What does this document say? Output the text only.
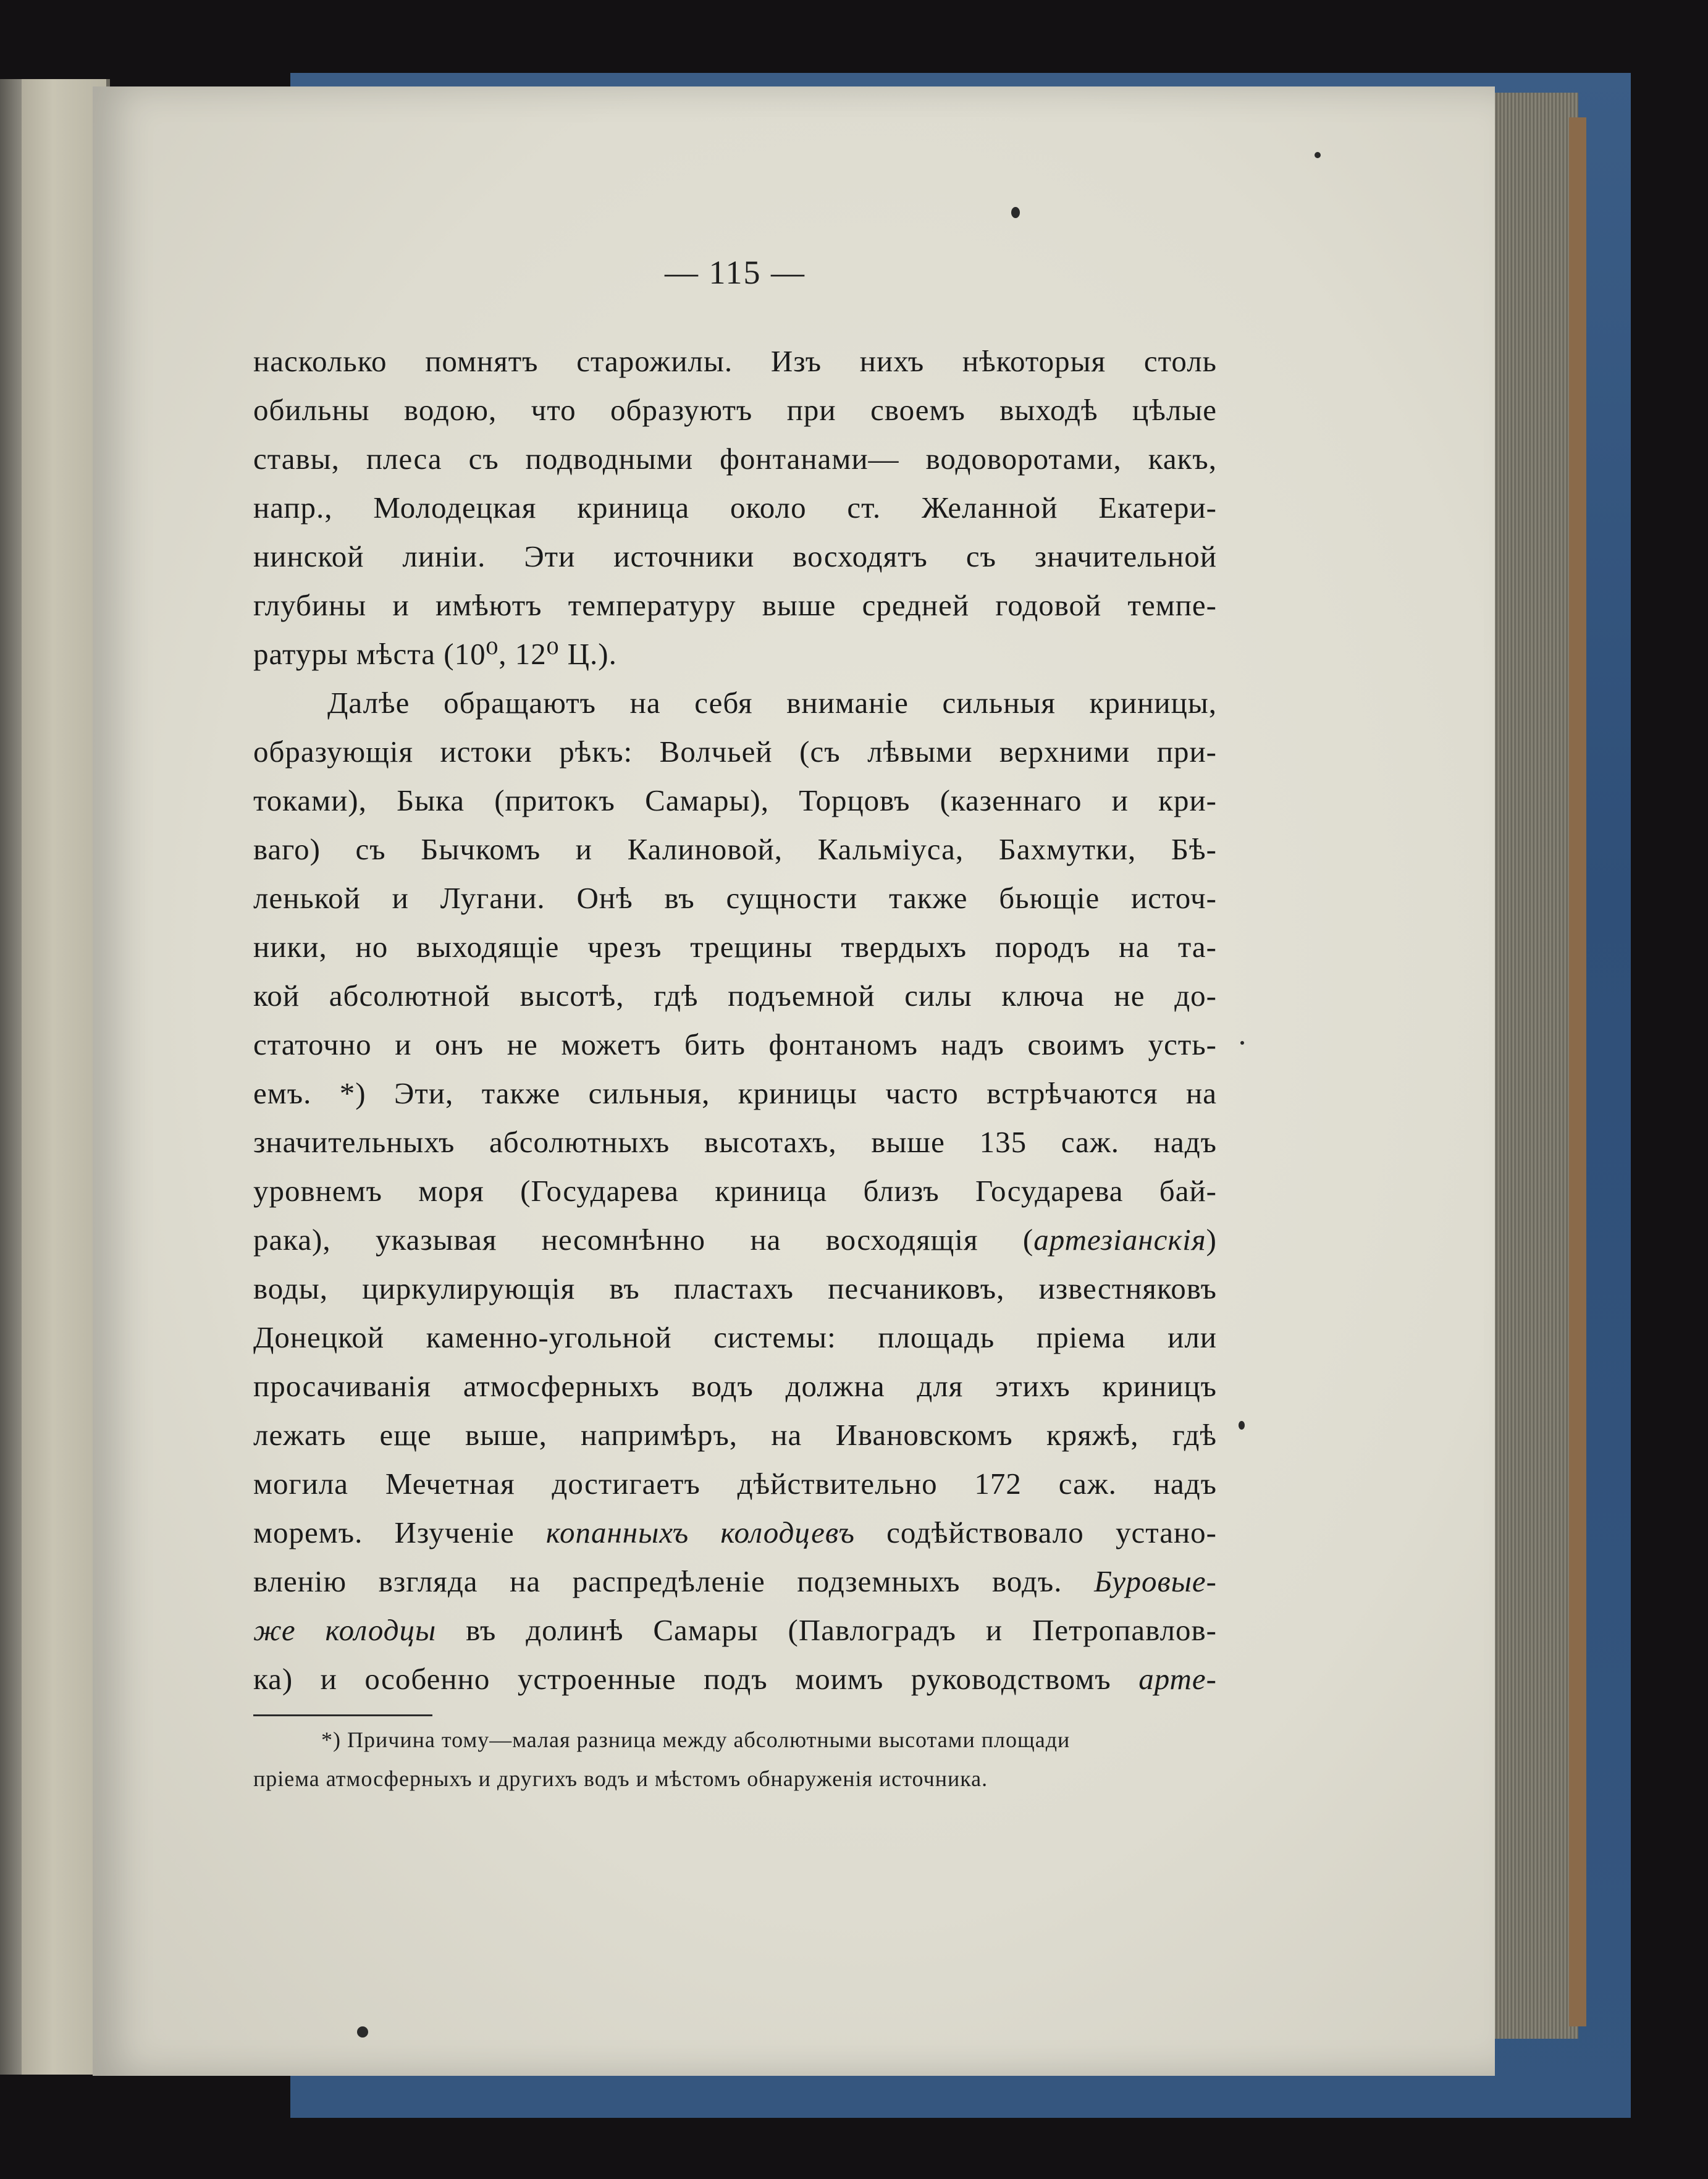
— 115 —
насколько помнятъ старожилы. Изъ нихъ нѣкоторыя столь
обильны водою, что образуютъ при своемъ выходѣ цѣлые
ставы, плеса съ подводными фонтанами— водоворотами, какъ,
напр., Молодецкая криница около ст. Желанной Екатери-
нинской линіи. Эти источники восходятъ съ значительной
глубины и имѣютъ температуру выше средней годовой темпе-
ратуры мѣста (10⁰, 12⁰ Ц.).
Далѣе обращаютъ на себя вниманіе сильныя криницы,
образующія истоки рѣкъ: Волчьей (съ лѣвыми верхними при-
токами), Быка (притокъ Самары), Торцовъ (казеннаго и кри-
ваго) съ Бычкомъ и Калиновой, Кальміуса, Бахмутки, Бѣ-
ленькой и Лугани. Онѣ въ сущности также бьющіе источ-
ники, но выходящіе чрезъ трещины твердыхъ породъ на та-
кой абсолютной высотѣ, гдѣ подъемной силы ключа не до-
статочно и онъ не можетъ бить фонтаномъ надъ своимъ усть-
емъ. *) Эти, также сильныя, криницы часто встрѣчаются на
значительныхъ абсолютныхъ высотахъ, выше 135 саж. надъ
уровнемъ моря (Государева криница близъ Государева бай-
рака), указывая несомнѣнно на восходящія (артезіанскія)
воды, циркулирующія въ пластахъ песчаниковъ, известняковъ
Донецкой каменно-угольной системы: площадь пріема или
просачиванія атмосферныхъ водъ должна для этихъ криницъ
лежать еще выше, напримѣръ, на Ивановскомъ кряжѣ, гдѣ
могила Мечетная достигаетъ дѣйствительно 172 саж. надъ
моремъ. Изученіе копанныхъ колодцевъ содѣйствовало устано-
вленію взгляда на распредѣленіе подземныхъ водъ. Буровые-
же колодцы въ долинѣ Самары (Павлоградъ и Петропавлов-
ка) и особенно устроенные подъ моимъ руководствомъ арте-
*) Причина тому—малая разница между абсолютными высотами площади
пріема атмосферныхъ и другихъ водъ и мѣстомъ обнаруженія источника.
